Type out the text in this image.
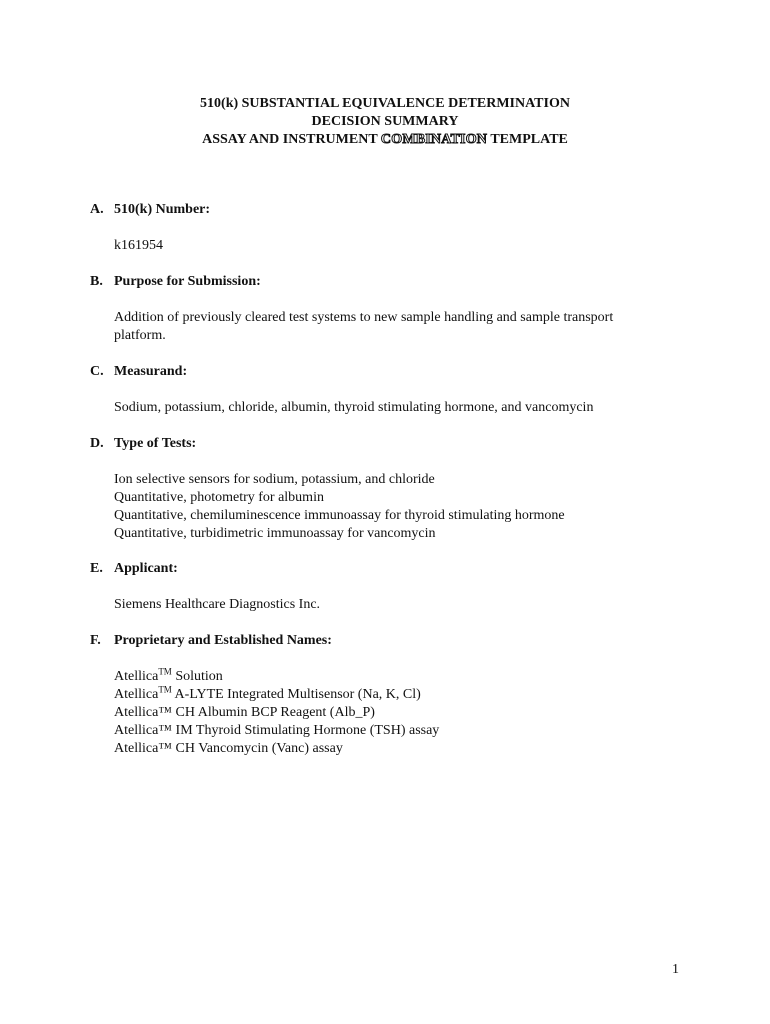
510(k) SUBSTANTIAL EQUIVALENCE DETERMINATION
DECISION SUMMARY
ASSAY AND INSTRUMENT COMBINATION TEMPLATE
A. 510(k) Number:
k161954
B. Purpose for Submission:
Addition of previously cleared test systems to new sample handling and sample transport
platform.
C. Measurand:
Sodium, potassium, chloride, albumin, thyroid stimulating hormone, and vancomycin
D. Type of Tests:
Ion selective sensors for sodium, potassium, and chloride
Quantitative, photometry for albumin
Quantitative, chemiluminescence immunoassay for thyroid stimulating hormone
Quantitative, turbidimetric immunoassay for vancomycin
E. Applicant:
Siemens Healthcare Diagnostics Inc.
F. Proprietary and Established Names:
Atellica™ Solution
Atellica™ A-LYTE Integrated Multisensor (Na, K, Cl)
Atellica™ CH Albumin BCP Reagent (Alb_P)
Atellica™ IM Thyroid Stimulating Hormone (TSH) assay
Atellica™ CH Vancomycin (Vanc) assay
1
